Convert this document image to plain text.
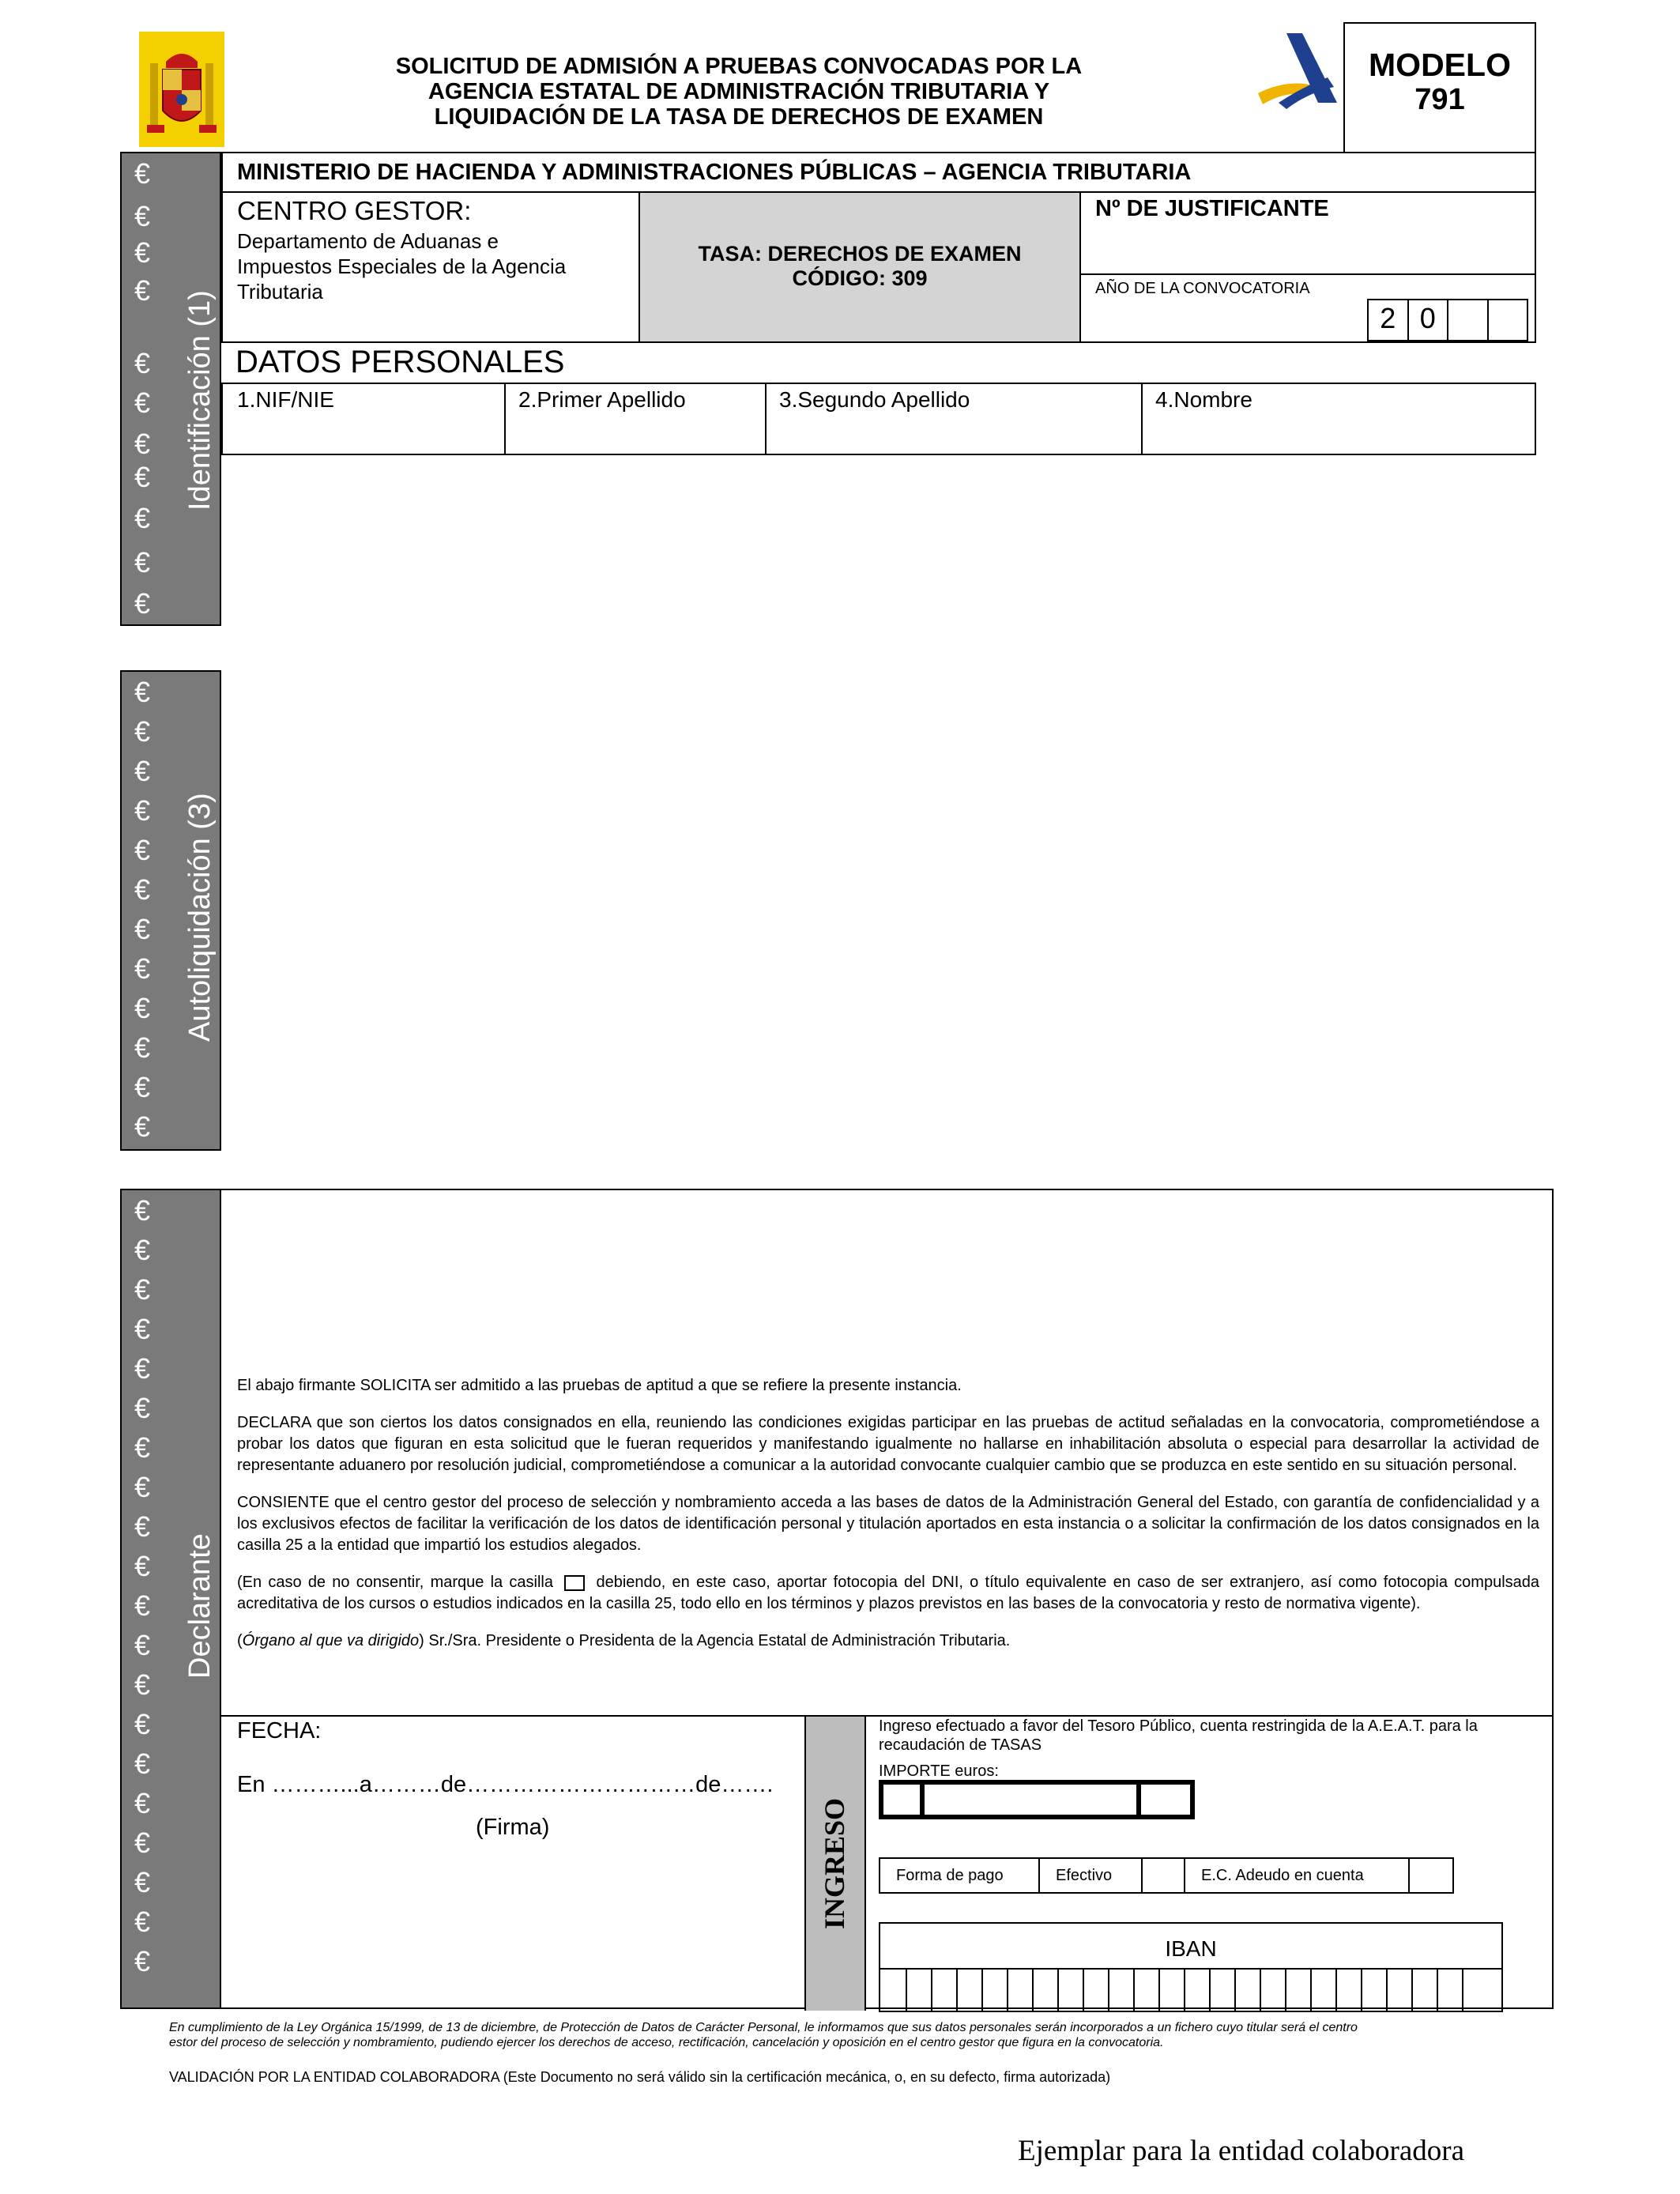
SOLICITUD DE ADMISIÓN A PRUEBAS CONVOCADAS POR LA
AGENCIA ESTATAL DE ADMINISTRACIÓN TRIBUTARIA Y
LIQUIDACIÓN DE LA TASA DE DERECHOS DE EXAMEN
MODELO
791
€
€
€
€
€
€
€
€
€
€
€
Identificación (1)
MINISTERIO DE HACIENDA Y ADMINISTRACIONES PÚBLICAS – AGENCIA TRIBUTARIA
CENTRO GESTOR:
Departamento de Aduanas e
Impuestos Especiales de la Agencia
Tributaria
TASA: DERECHOS DE EXAMEN
CÓDIGO: 309
Nº DE JUSTIFICANTE
AÑO DE LA CONVOCATORIA
2 0
DATOS PERSONALES
1.NIF/NIE	2.Primer Apellido	3.Segundo Apellido	4.Nombre
€
€
€
€
€
€
€
€
€
€
€
€
Autoliquidación (3)
€
€
€
€
€
€
€
€
€
€
€
€
€
€
€
€
€
€
€
€
Declarante

El abajo firmante SOLICITA ser admitido a las pruebas de aptitud a que se refiere la presente instancia.

DECLARA que son ciertos los datos consignados en ella, reuniendo las condiciones exigidas participar en las pruebas de actitud señaladas en la convocatoria, comprometiéndose a probar los datos que figuran en esta solicitud que le fueran requeridos y manifestando igualmente no hallarse en inhabilitación absoluta o especial para desarrollar la actividad de representante aduanero por resolución judicial, comprometiéndose a comunicar a la autoridad convocante cualquier cambio que se produzca en este sentido en su situación personal.

CONSIENTE que el centro gestor del proceso de selección y nombramiento acceda a las bases de datos de la Administración General del Estado, con garantía de confidencialidad y a los exclusivos efectos de facilitar la verificación de los datos de identificación personal y titulación aportados en esta instancia o a solicitar la confirmación de los datos consignados en la casilla 25 a la entidad que impartió los estudios alegados.

(En caso de no consentir, marque la casilla	debiendo, en este caso, aportar fotocopia del DNI, o título equivalente en caso de ser extranjero, así como fotocopia compulsada acreditativa de los cursos o estudios indicados en la casilla 25, todo ello en los términos y plazos previstos en las bases de la convocatoria y resto de normativa vigente).

(Órgano al que va dirigido) Sr./Sra. Presidente o Presidenta de la Agencia Estatal de Administración Tributaria.

FECHA:
En ………...a………de…………………………de…….
(Firma)	INGRESO
Ingreso efectuado a favor del Tesoro Público, cuenta restringida de la A.E.A.T. para la recaudación de TASAS
IMPORTE euros:
Forma de pago	Efectivo	E.C. Adeudo en cuenta
IBAN
En cumplimiento de la Ley Orgánica 15/1999, de 13 de diciembre, de Protección de Datos de Carácter Personal, le informamos que sus datos personales serán incorporados a un fichero cuyo titular será el centro
estor del proceso de selección y nombramiento, pudiendo ejercer los derechos de acceso, rectificación, cancelación y oposición en el centro gestor que figura en la convocatoria.
VALIDACIÓN POR LA ENTIDAD COLABORADORA (Este Documento no será válido sin la certificación mecánica, o, en su defecto, firma autorizada)
Ejemplar para la entidad colaboradora
